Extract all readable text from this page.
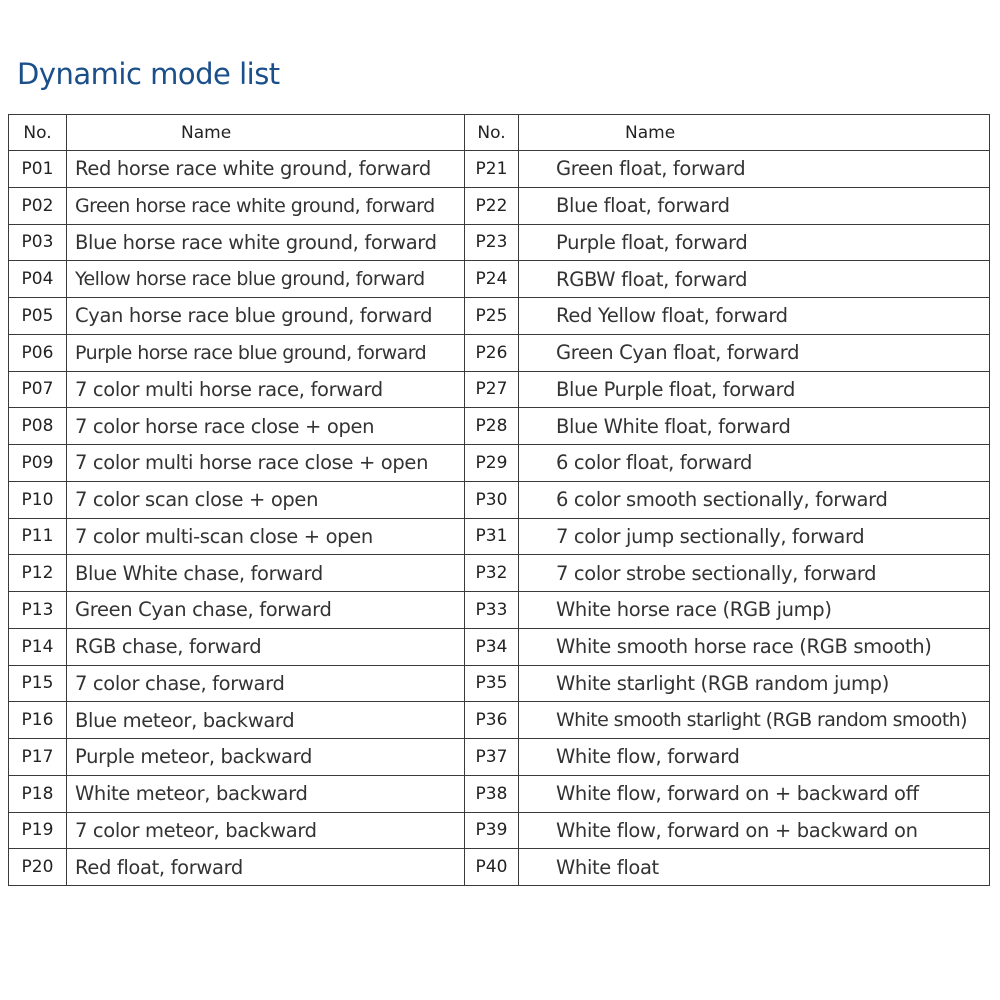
Dynamic mode list
No.	Name	No.	Name
P01	Red horse race white ground, forward	P21	Green float, forward
P02	Green horse race white ground, forward	P22	Blue float, forward
P03	Blue horse race white ground, forward	P23	Purple float, forward
P04	Yellow horse race blue ground, forward	P24	RGBW float, forward
P05	Cyan horse race blue ground, forward	P25	Red Yellow float, forward
P06	Purple horse race blue ground, forward	P26	Green Cyan float, forward
P07	7 color multi horse race, forward	P27	Blue Purple float, forward
P08	7 color horse race close + open	P28	Blue White float, forward
P09	7 color multi horse race close + open	P29	6 color float, forward
P10	7 color scan close + open	P30	6 color smooth sectionally, forward
P11	7 color multi-scan close + open	P31	7 color jump sectionally, forward
P12	Blue White chase, forward	P32	7 color strobe sectionally, forward
P13	Green Cyan chase, forward	P33	White horse race (RGB jump)
P14	RGB chase, forward	P34	White smooth horse race (RGB smooth)
P15	7 color chase, forward	P35	White starlight (RGB random jump)
P16	Blue meteor, backward	P36	White smooth starlight (RGB random smooth)
P17	Purple meteor, backward	P37	White flow, forward
P18	White meteor, backward	P38	White flow, forward on + backward off
P19	7 color meteor, backward	P39	White flow, forward on + backward on
P20	Red float, forward	P40	White float
